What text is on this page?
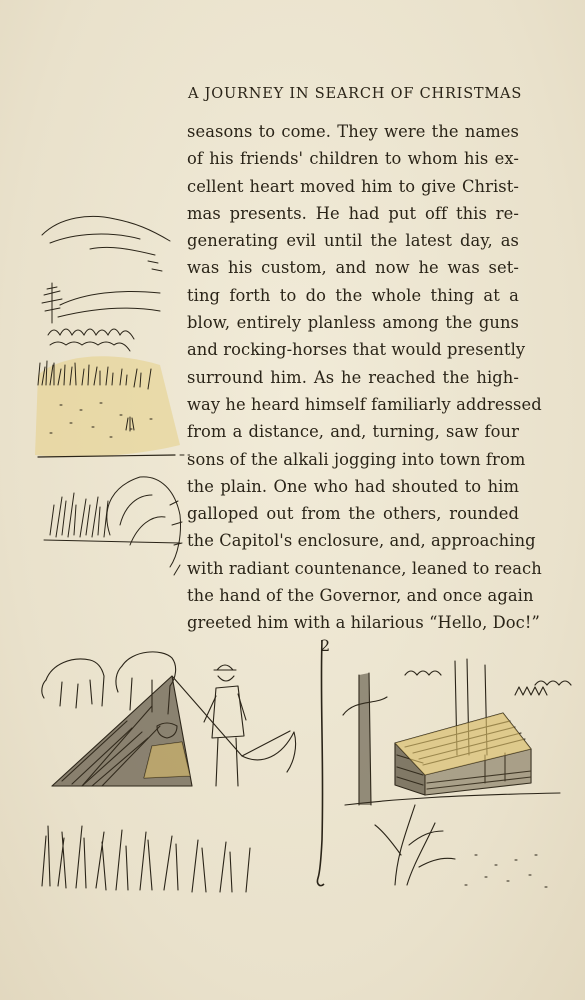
A JOURNEY IN SEARCH OF CHRISTMAS
seasons to come. They were the names
of his friends' children to whom his ex-
cellent heart moved him to give Christ-
mas presents. He had put off this re-
generating evil until the latest day, as
was his custom, and now he was set-
ting forth to do the whole thing at a
blow, entirely planless among the guns
and rocking-horses that would presently
surround him. As he reached the high-
way he heard himself familiarly addressed
from a distance, and, turning, saw four
sons of the alkali jogging into town from
the plain. One who had shouted to him
galloped out from the others, rounded
the Capitol's enclosure, and, approaching
with radiant countenance, leaned to reach
the hand of the Governor, and once again
greeted him with a hilarious “Hello, Doc!”
2
